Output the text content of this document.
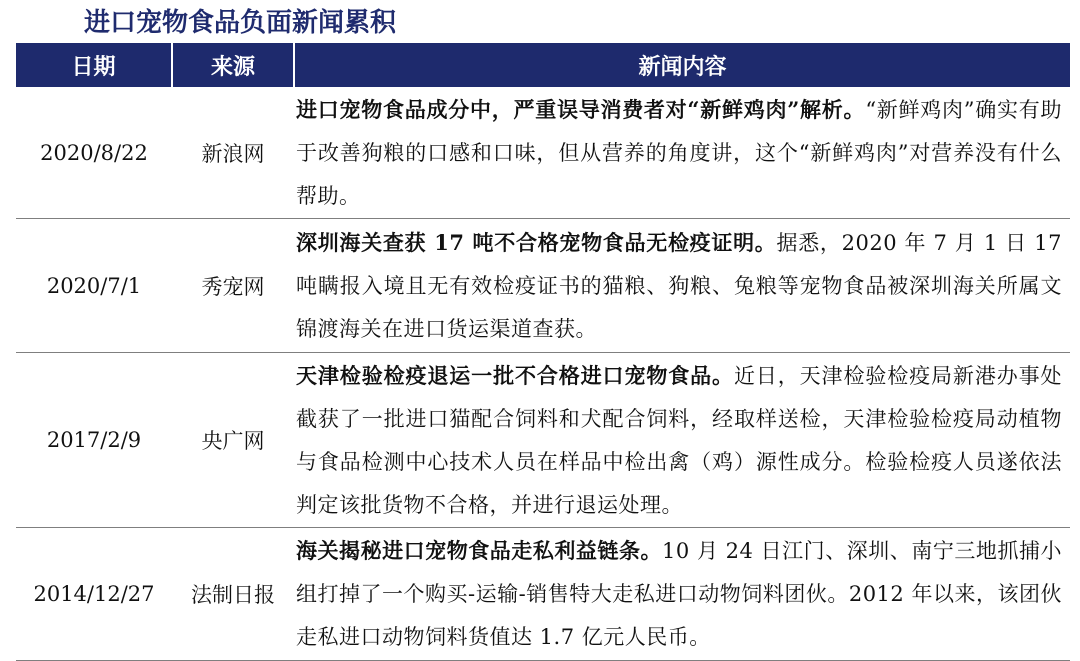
进口宠物食品负面新闻累积
日期	来源	新闻内容
2020/8/22	新浪网	进口宠物食品成分中，严重误导消费者对“新鲜鸡肉”解析。“新鲜鸡肉”确实有助于改善狗粮的口感和口味，但从营养的角度讲，这个“新鲜鸡肉”对营养没有什么帮助。
2020/7/1	秀宠网	深圳海关查获 17 吨不合格宠物食品无检疫证明。据悉，2020 年 7 月 1 日 17 吨瞒报入境且无有效检疫证书的猫粮、狗粮、兔粮等宠物食品被深圳海关所属文锦渡海关在进口货运渠道查获。
2017/2/9	央广网	天津检验检疫退运一批不合格进口宠物食品。近日，天津检验检疫局新港办事处截获了一批进口猫配合饲料和犬配合饲料，经取样送检，天津检验检疫局动植物与食品检测中心技术人员在样品中检出禽（鸡）源性成分。检验检疫人员遂依法判定该批货物不合格，并进行退运处理。
2014/12/27	法制日报	海关揭秘进口宠物食品走私利益链条。10 月 24 日江门、深圳、南宁三地抓捕小组打掉了一个购买-运输-销售特大走私进口动物饲料团伙。2012 年以来，该团伙走私进口动物饲料货值达 1.7 亿元人民币。
